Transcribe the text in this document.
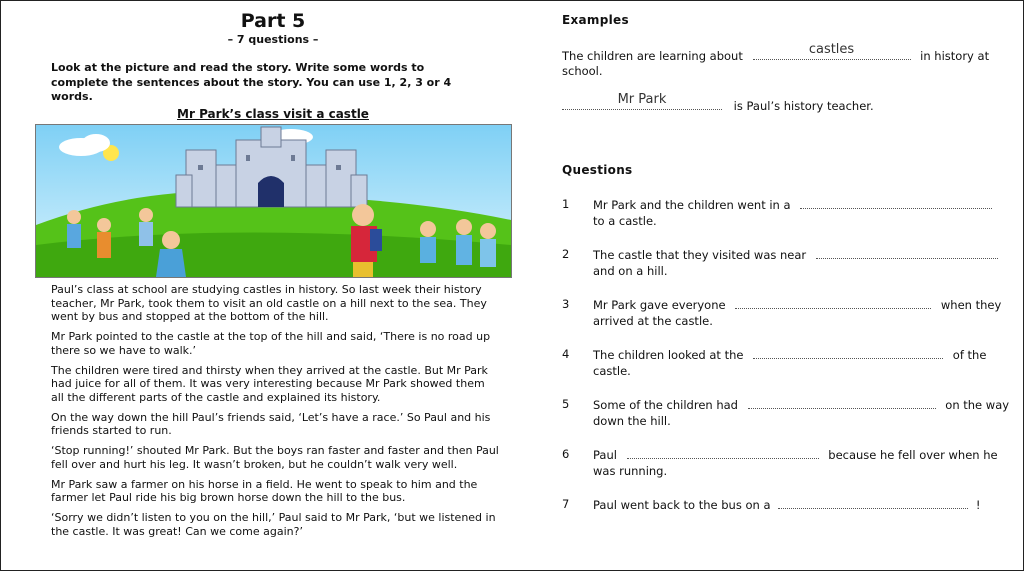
Part 5
– 7 questions –
Look at the picture and read the story. Write some words to complete the sentences about the story. You can use 1, 2, 3 or 4 words.
Mr Park’s class visit a castle

Paul’s class at school are studying castles in history. So last week their history teacher, Mr Park, took them to visit an old castle on a hill next to the sea. They went by bus and stopped at the bottom of the hill.

Mr Park pointed to the castle at the top of the hill and said, ‘There is no road up there so we have to walk.’

The children were tired and thirsty when they arrived at the castle. But Mr Park had juice for all of them. It was very interesting because Mr Park showed them all the different parts of the castle and explained its history.

On the way down the hill Paul’s friends said, ‘Let’s have a race.’ So Paul and his friends started to run.

‘Stop running!’ shouted Mr Park. But the boys ran faster and faster and then Paul fell over and hurt his leg. It wasn’t broken, but he couldn’t walk very well.

Mr Park saw a farmer on his horse in a field. He went to speak to him and the farmer let Paul ride his big brown horse down the hill to the bus.

‘Sorry we didn’t listen to you on the hill,’ Paul said to Mr Park, ‘but we listened in the castle. It was great! Can we come again?’

Examples
The children are learning about	castles	in history at
school.
Mr Park	is Paul’s history teacher.
Questions
1 Mr Park and the children went in a
to a castle.
2 The castle that they visited was near
and on a hill.
3 Mr Park gave everyone	when they
arrived at the castle.
4 The children looked at the	of the
castle.
5 Some of the children had	on the way
down the hill.
6 Paul	because he fell over when he
was running.
7 Paul went back to the bus on a	!
